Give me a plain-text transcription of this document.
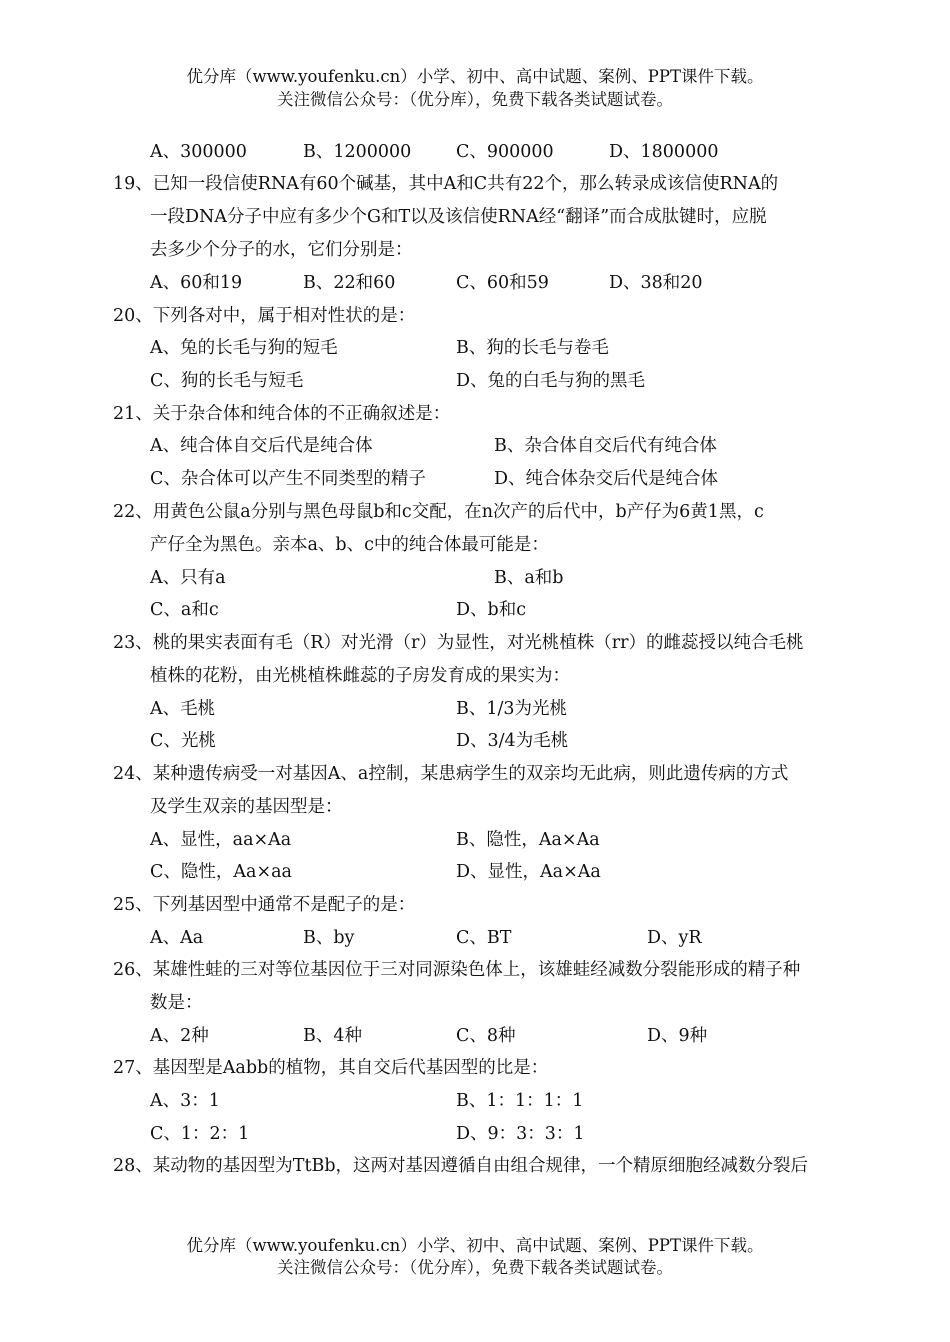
优分库（www.youfenku.cn）小学、初中、高中试题、案例、PPT课件下载。
关注微信公众号：（优分库），免费下载各类试题试卷。
A、300000	B、1200000	C、900000	D、1800000
19、已知一段信使RNA有60个碱基，其中A和C共有22个，那么转录成该信使RNA的
一段DNA分子中应有多少个G和T以及该信使RNA经“翻译”而合成肽键时，应脱
去多少个分子的水，它们分别是：
A、60和19	B、22和60	C、60和59	D、38和20
20、下列各对中，属于相对性状的是：
A、兔的长毛与狗的短毛	B、狗的长毛与卷毛
C、狗的长毛与短毛	D、兔的白毛与狗的黑毛
21、关于杂合体和纯合体的不正确叙述是：
A、纯合体自交后代是纯合体	B、杂合体自交后代有纯合体
C、杂合体可以产生不同类型的精子	D、纯合体杂交后代是纯合体
22、用黄色公鼠a分别与黑色母鼠b和c交配，在n次产的后代中，b产仔为6黄1黑，c
产仔全为黑色。亲本a、b、c中的纯合体最可能是：
A、只有a	B、a和b
C、a和c	D、b和c
23、桃的果实表面有毛（R）对光滑（r）为显性，对光桃植株（rr）的雌蕊授以纯合毛桃
植株的花粉，由光桃植株雌蕊的子房发育成的果实为：
A、毛桃	B、1/3为光桃
C、光桃	D、3/4为毛桃
24、某种遗传病受一对基因A、a控制，某患病学生的双亲均无此病，则此遗传病的方式
及学生双亲的基因型是：
A、显性，aa×Aa	B、隐性，Aa×Aa
C、隐性，Aa×aa	D、显性，Aa×Aa
25、下列基因型中通常不是配子的是：
A、Aa	B、by	C、BT	D、yR
26、某雄性蛙的三对等位基因位于三对同源染色体上，该雄蛙经减数分裂能形成的精子种
数是：
A、2种	B、4种	C、8种	D、9种
27、基因型是Aabb的植物，其自交后代基因型的比是：
A、3：1	B、1：1：1：1
C、1：2：1	D、9：3：3：1
28、某动物的基因型为TtBb，这两对基因遵循自由组合规律，一个精原细胞经减数分裂后
优分库（www.youfenku.cn）小学、初中、高中试题、案例、PPT课件下载。
关注微信公众号：（优分库），免费下载各类试题试卷。
